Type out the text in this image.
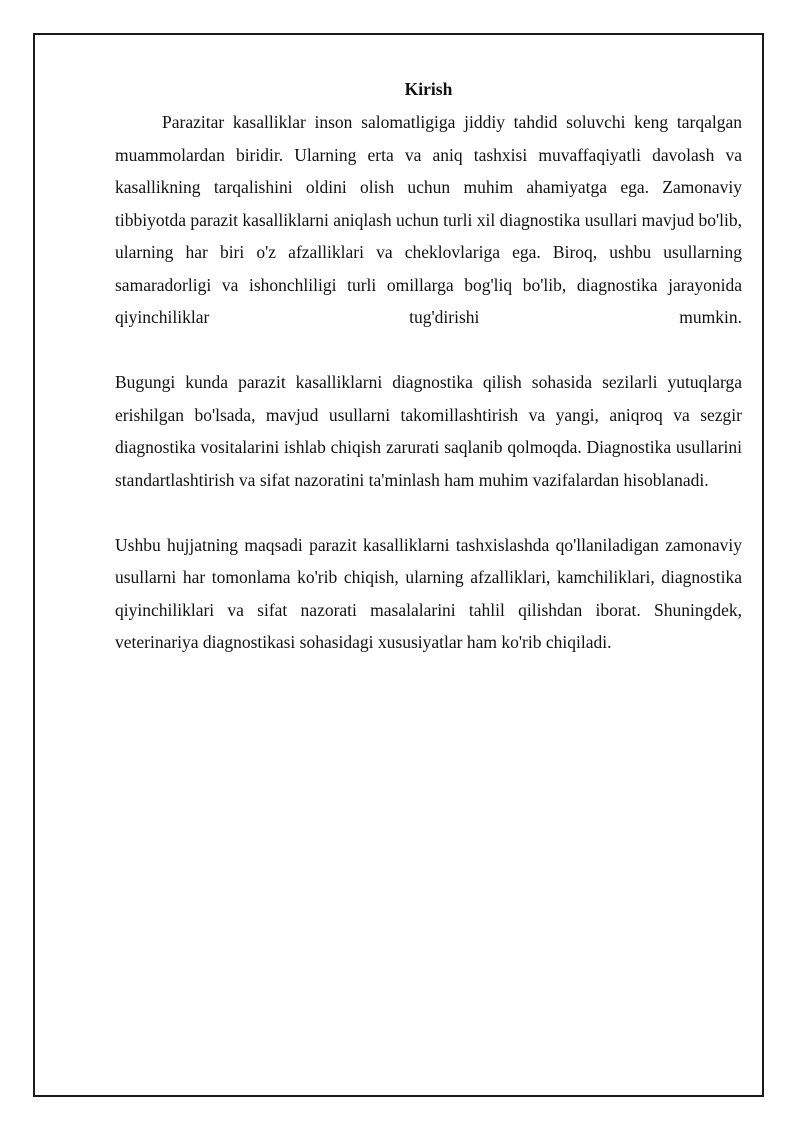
Kirish

Parazitar kasalliklar inson salomatligiga jiddiy tahdid soluvchi keng tarqalgan muammolardan biridir. Ularning erta va aniq tashxisi muvaffaqiyatli davolash va kasallikning tarqalishini oldini olish uchun muhim ahamiyatga ega. Zamonaviy tibbiyotda parazit kasalliklarni aniqlash uchun turli xil diagnostika usullari mavjud bo'lib, ularning har biri o'z afzalliklari va cheklovlariga ega. Biroq, ushbu usullarning samaradorligi va ishonchliligi turli omillarga bog'liq bo'lib, diagnostika jarayonida qiyinchiliklar tug'dirishi mumkin.

Bugungi kunda parazit kasalliklarni diagnostika qilish sohasida sezilarli yutuqlarga erishilgan bo'lsada, mavjud usullarni takomillashtirish va yangi, aniqroq va sezgir diagnostika vositalarini ishlab chiqish zarurati saqlanib qolmoqda. Diagnostika usullarini standartlashtirish va sifat nazoratini ta'minlash ham muhim vazifalardan hisoblanadi.

Ushbu hujjatning maqsadi parazit kasalliklarni tashxislashda qo'llaniladigan zamonaviy usullarni har tomonlama ko'rib chiqish, ularning afzalliklari, kamchiliklari, diagnostika qiyinchiliklari va sifat nazorati masalalarini tahlil qilishdan iborat. Shuningdek, veterinariya diagnostikasi sohasidagi xususiyatlar ham ko'rib chiqiladi.
